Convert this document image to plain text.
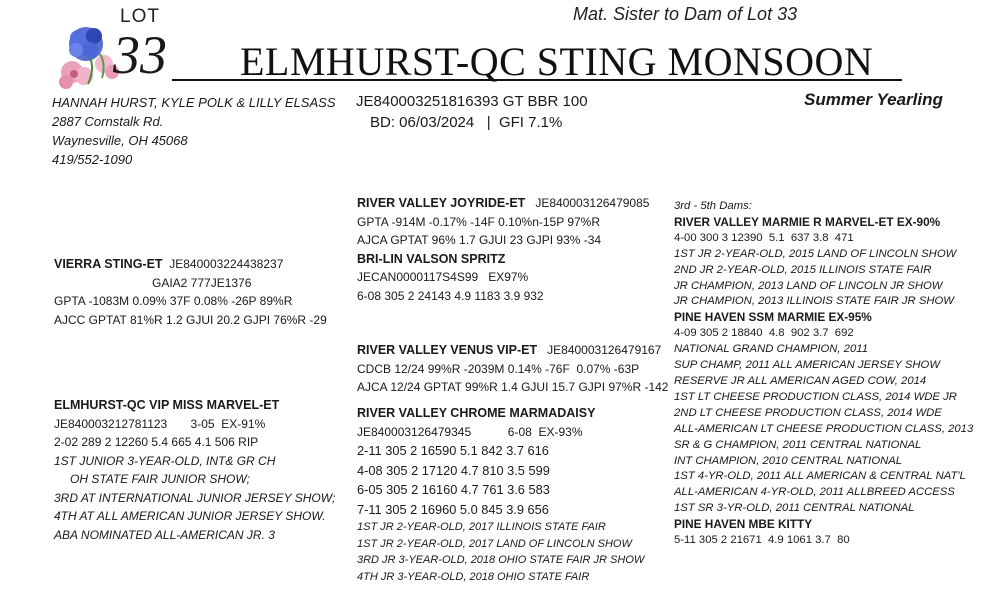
Mat. Sister to Dam of Lot 33
LOT
33 ELMHURST-QC STING MONSOON
HANNAH HURST, KYLE POLK & LILLY ELSASS
2887 Cornstalk Rd.
Waynesville, OH 45068
419/552-1090
JE840003251816393 GT BBR 100
BD: 06/03/2024   |  GFI 7.1%
Summer Yearling
VIERRA STING-ET JE840003224438237
GAIA2 777JE1376
GPTA -1083M 0.09% 37F 0.08% -26P 89%R
AJCC GPTAT 81%R 1.2 GJUI 20.2 GJPI 76%R -29
RIVER VALLEY JOYRIDE-ET JE840003126479085
GPTA -914M -0.17% -14F 0.10%n-15P 97%R
AJCA GPTAT 96% 1.7 GJUI 23 GJPI 93% -34
BRI-LIN VALSON SPRITZ
JECAN0000117S4S99   EX97%
6-08 305 2 24143 4.9 1183 3.9 932
ELMHURST-QC VIP MISS MARVEL-ET
JE840003212781123       3-05  EX-91%
2-02 289 2 12260 5.4 665 4.1 506 RIP
1ST JUNIOR 3-YEAR-OLD, INT& GR CH
OH STATE FAIR JUNIOR SHOW;
3RD AT INTERNATIONAL JUNIOR JERSEY SHOW;
4TH AT ALL AMERICAN JUNIOR JERSEY SHOW.
ABA NOMINATED ALL-AMERICAN JR. 3
RIVER VALLEY VENUS VIP-ET JE840003126479167
CDCB 12/24 99%R -2039M 0.14% -76F  0.07% -63P
AJCA 12/24 GPTAT 99%R 1.4 GJUI 15.7 GJPI 97%R -142
RIVER VALLEY CHROME MARMADAISY
JE840003126479345           6-08  EX-93%
2-11 305 2 16590 5.1 842 3.7 616
4-08 305 2 17120 4.7 810 3.5 599
6-05 305 2 16160 4.7 761 3.6 583
7-11 305 2 16960 5.0 845 3.9 656
1ST JR 2-YEAR-OLD, 2017 ILLINOIS STATE FAIR
1ST JR 2-YEAR-OLD, 2017 LAND OF LINCOLN SHOW
3RD JR 3-YEAR-OLD, 2018 OHIO STATE FAIR JR SHOW
4TH JR 3-YEAR-OLD, 2018 OHIO STATE FAIR
3rd - 5th Dams:
RIVER VALLEY MARMIE R MARVEL-ET EX-90%
4-00 300 3 12390  5.1  637 3.8  471
1ST JR 2-YEAR-OLD, 2015 LAND OF LINCOLN SHOW
2ND JR 2-YEAR-OLD, 2015 ILLINOIS STATE FAIR
JR CHAMPION, 2013 LAND OF LINCOLN JR SHOW
JR CHAMPION, 2013 ILLINOIS STATE FAIR JR SHOW
PINE HAVEN SSM MARMIE EX-95%
4-09 305 2 18840  4.8  902 3.7  692
NATIONAL GRAND CHAMPION, 2011
SUP CHAMP, 2011 ALL AMERICAN JERSEY SHOW
RESERVE JR ALL AMERICAN AGED COW, 2014
1ST LT CHEESE PRODUCTION CLASS, 2014 WDE JR
2ND LT CHEESE PRODUCTION CLASS, 2014 WDE
ALL-AMERICAN LT CHEESE PRODUCTION CLASS, 2013
SR & G CHAMPION, 2011 CENTRAL NATIONAL
INT CHAMPION, 2010 CENTRAL NATIONAL
1ST 4-YR-OLD, 2011 ALL AMERICAN & CENTRAL NAT'L
ALL-AMERICAN 4-YR-OLD, 2011 ALLBREED ACCESS
1ST SR 3-YR-OLD, 2011 CENTRAL NATIONAL
PINE HAVEN MBE KITTY
5-11 305 2 21671  4.9 1061 3.7  80
